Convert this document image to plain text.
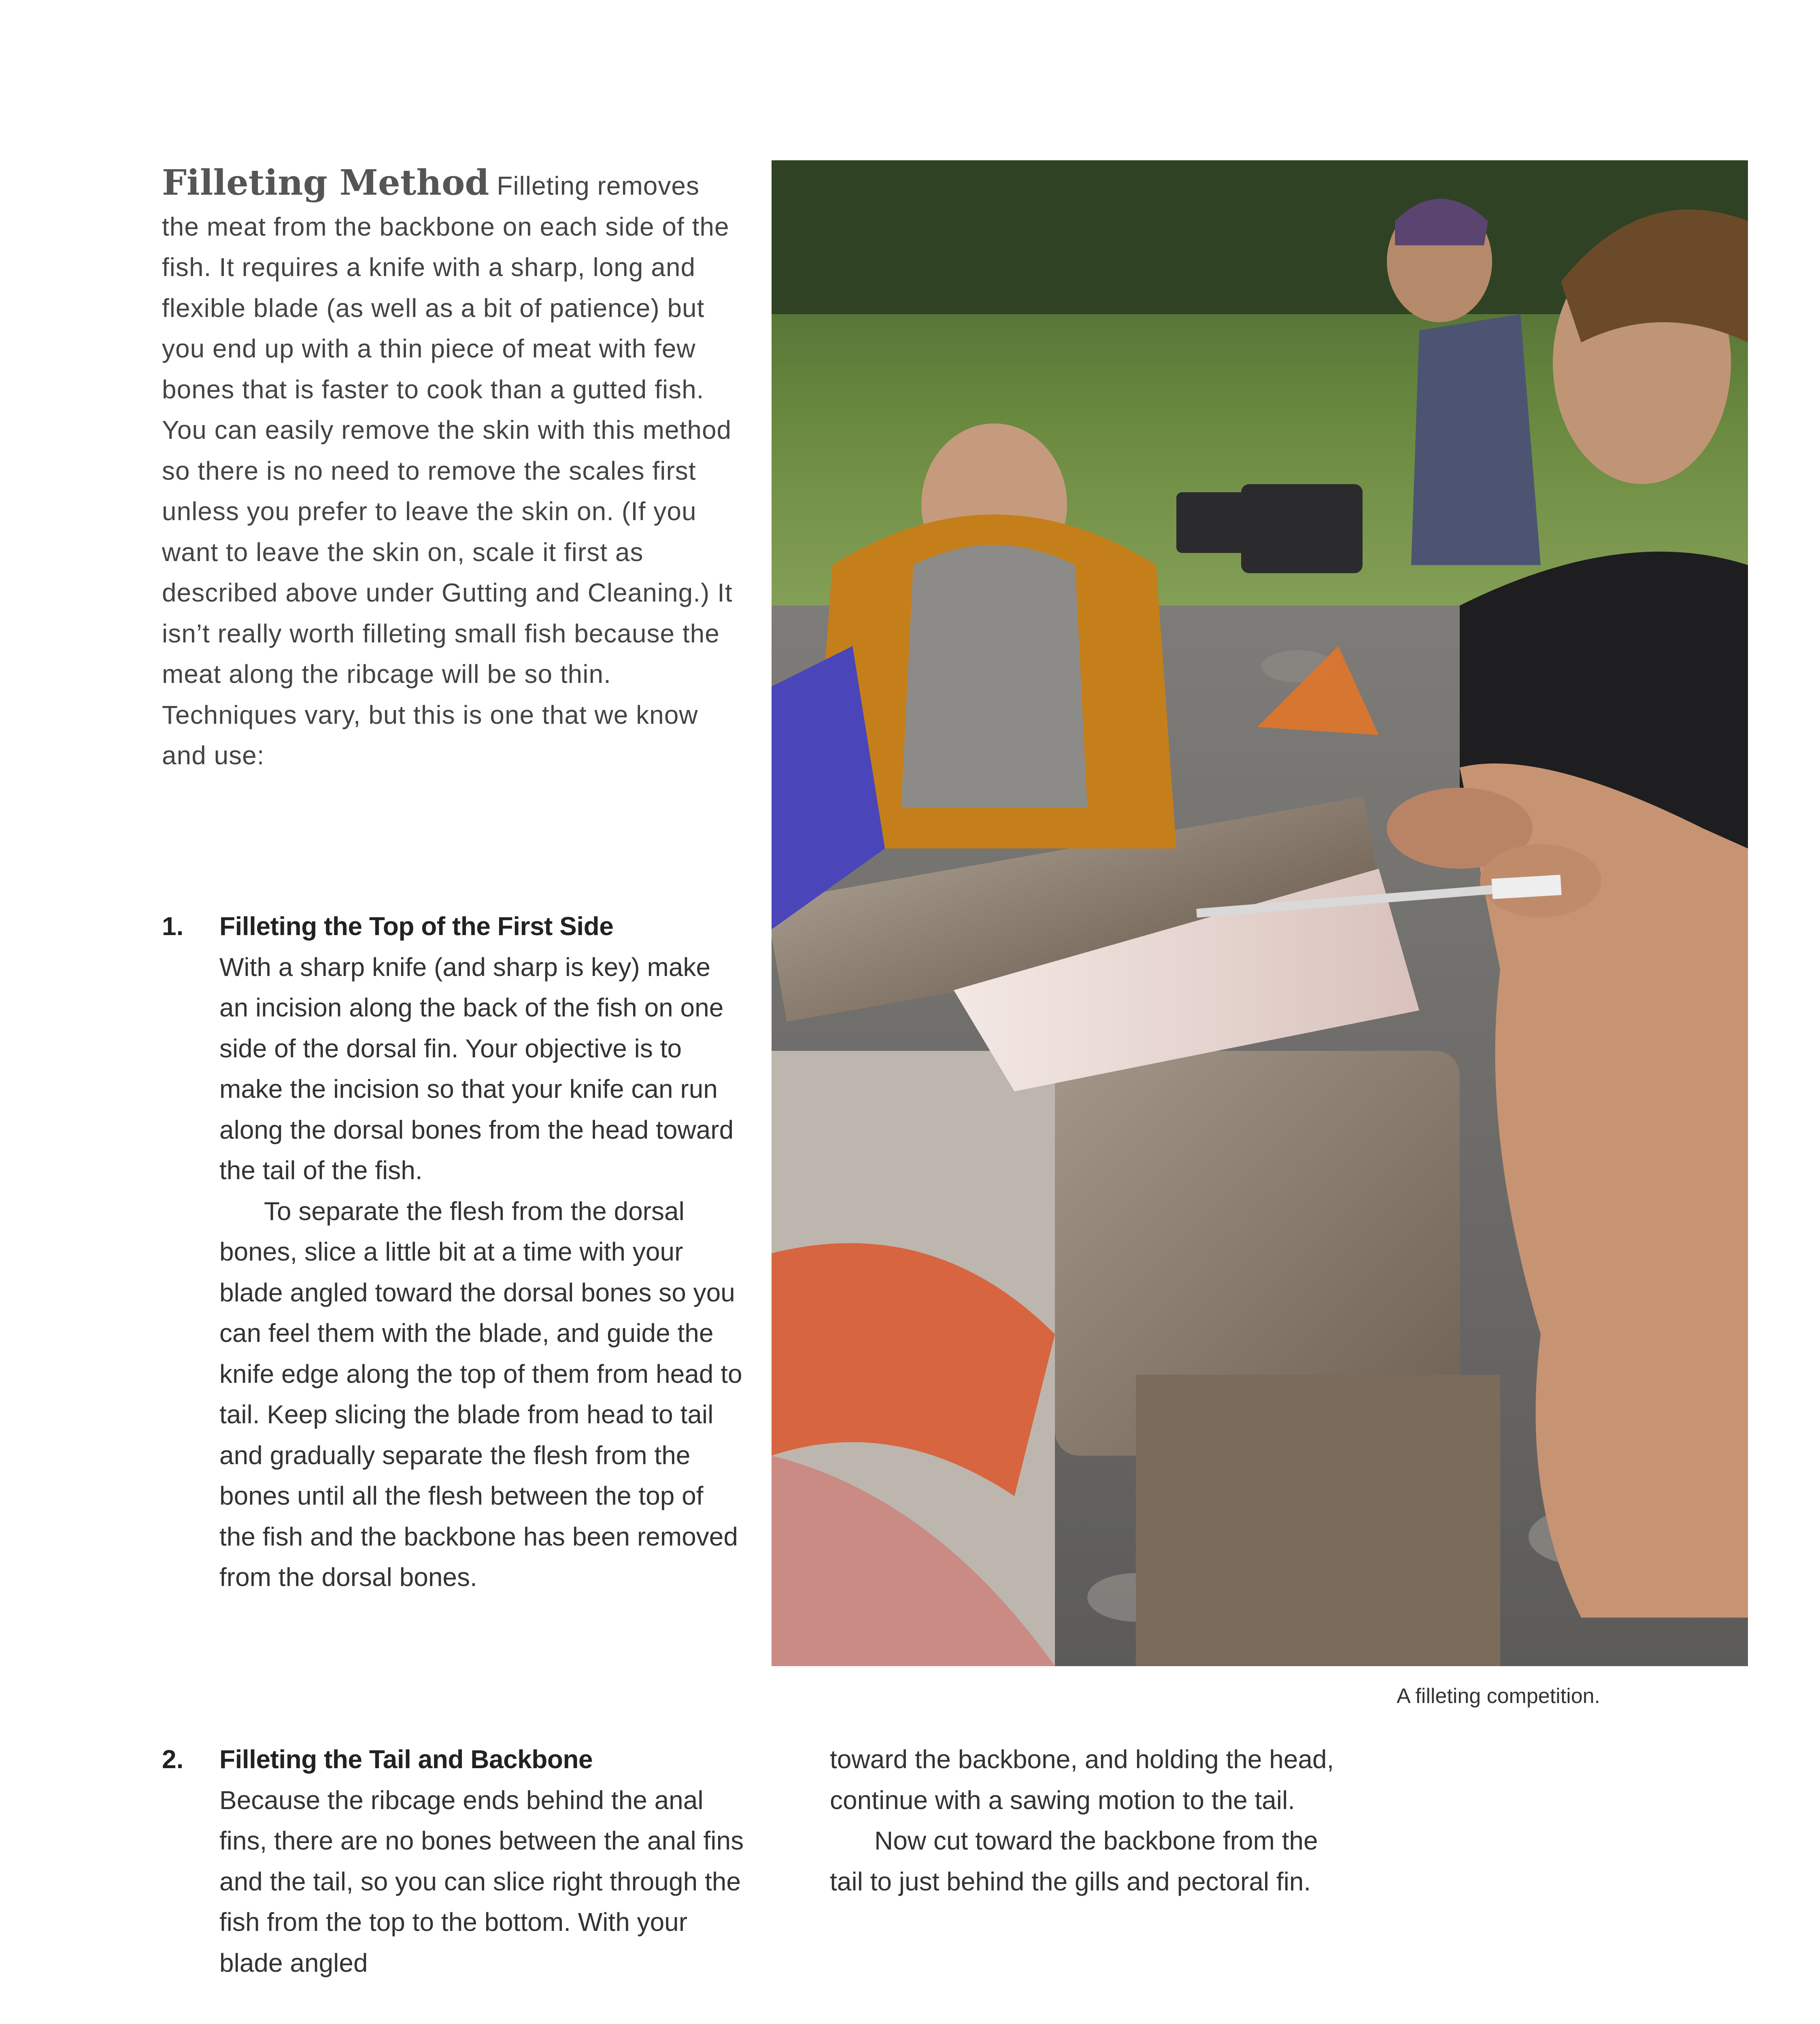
Filleting Method Filleting removes the meat from the backbone on each side of the fish. It requires a knife with a sharp, long and flexible blade (as well as a bit of patience) but you end up with a thin piece of meat with few bones that is faster to cook than a gutted fish. You can easily remove the skin with this method so there is no need to remove the scales first unless you prefer to leave the skin on. (If you want to leave the skin on, scale it first as described above under Gutting and Cleaning.) It isn’t really worth filleting small fish because the meat along the ribcage will be so thin. Techniques vary, but this is one that we know and use:
1. Filleting the Top of the First Side

With a sharp knife (and sharp is key) make an incision along the back of the fish on one side of the dorsal fin. Your objective is to make the incision so that your knife can run along the dorsal bones from the head toward the tail of the fish.

To separate the flesh from the dorsal bones, slice a little bit at a time with your blade angled toward the dorsal bones so you can feel them with the blade, and guide the knife edge along the top of them from head to tail. Keep slicing the blade from head to tail and gradually separate the flesh from the bones until all the flesh between the top of the fish and the backbone has been removed from the dorsal bones.

2. Filleting the Tail and Backbone

Because the ribcage ends behind the anal fins, there are no bones between the anal fins and the tail, so you can slice right through the fish from the top to the bottom. With your blade angled

toward the backbone, and holding the head, continue with a sawing motion to the tail.

Now cut toward the backbone from the tail to just behind the gills and pectoral fin.

A filleting competition.
